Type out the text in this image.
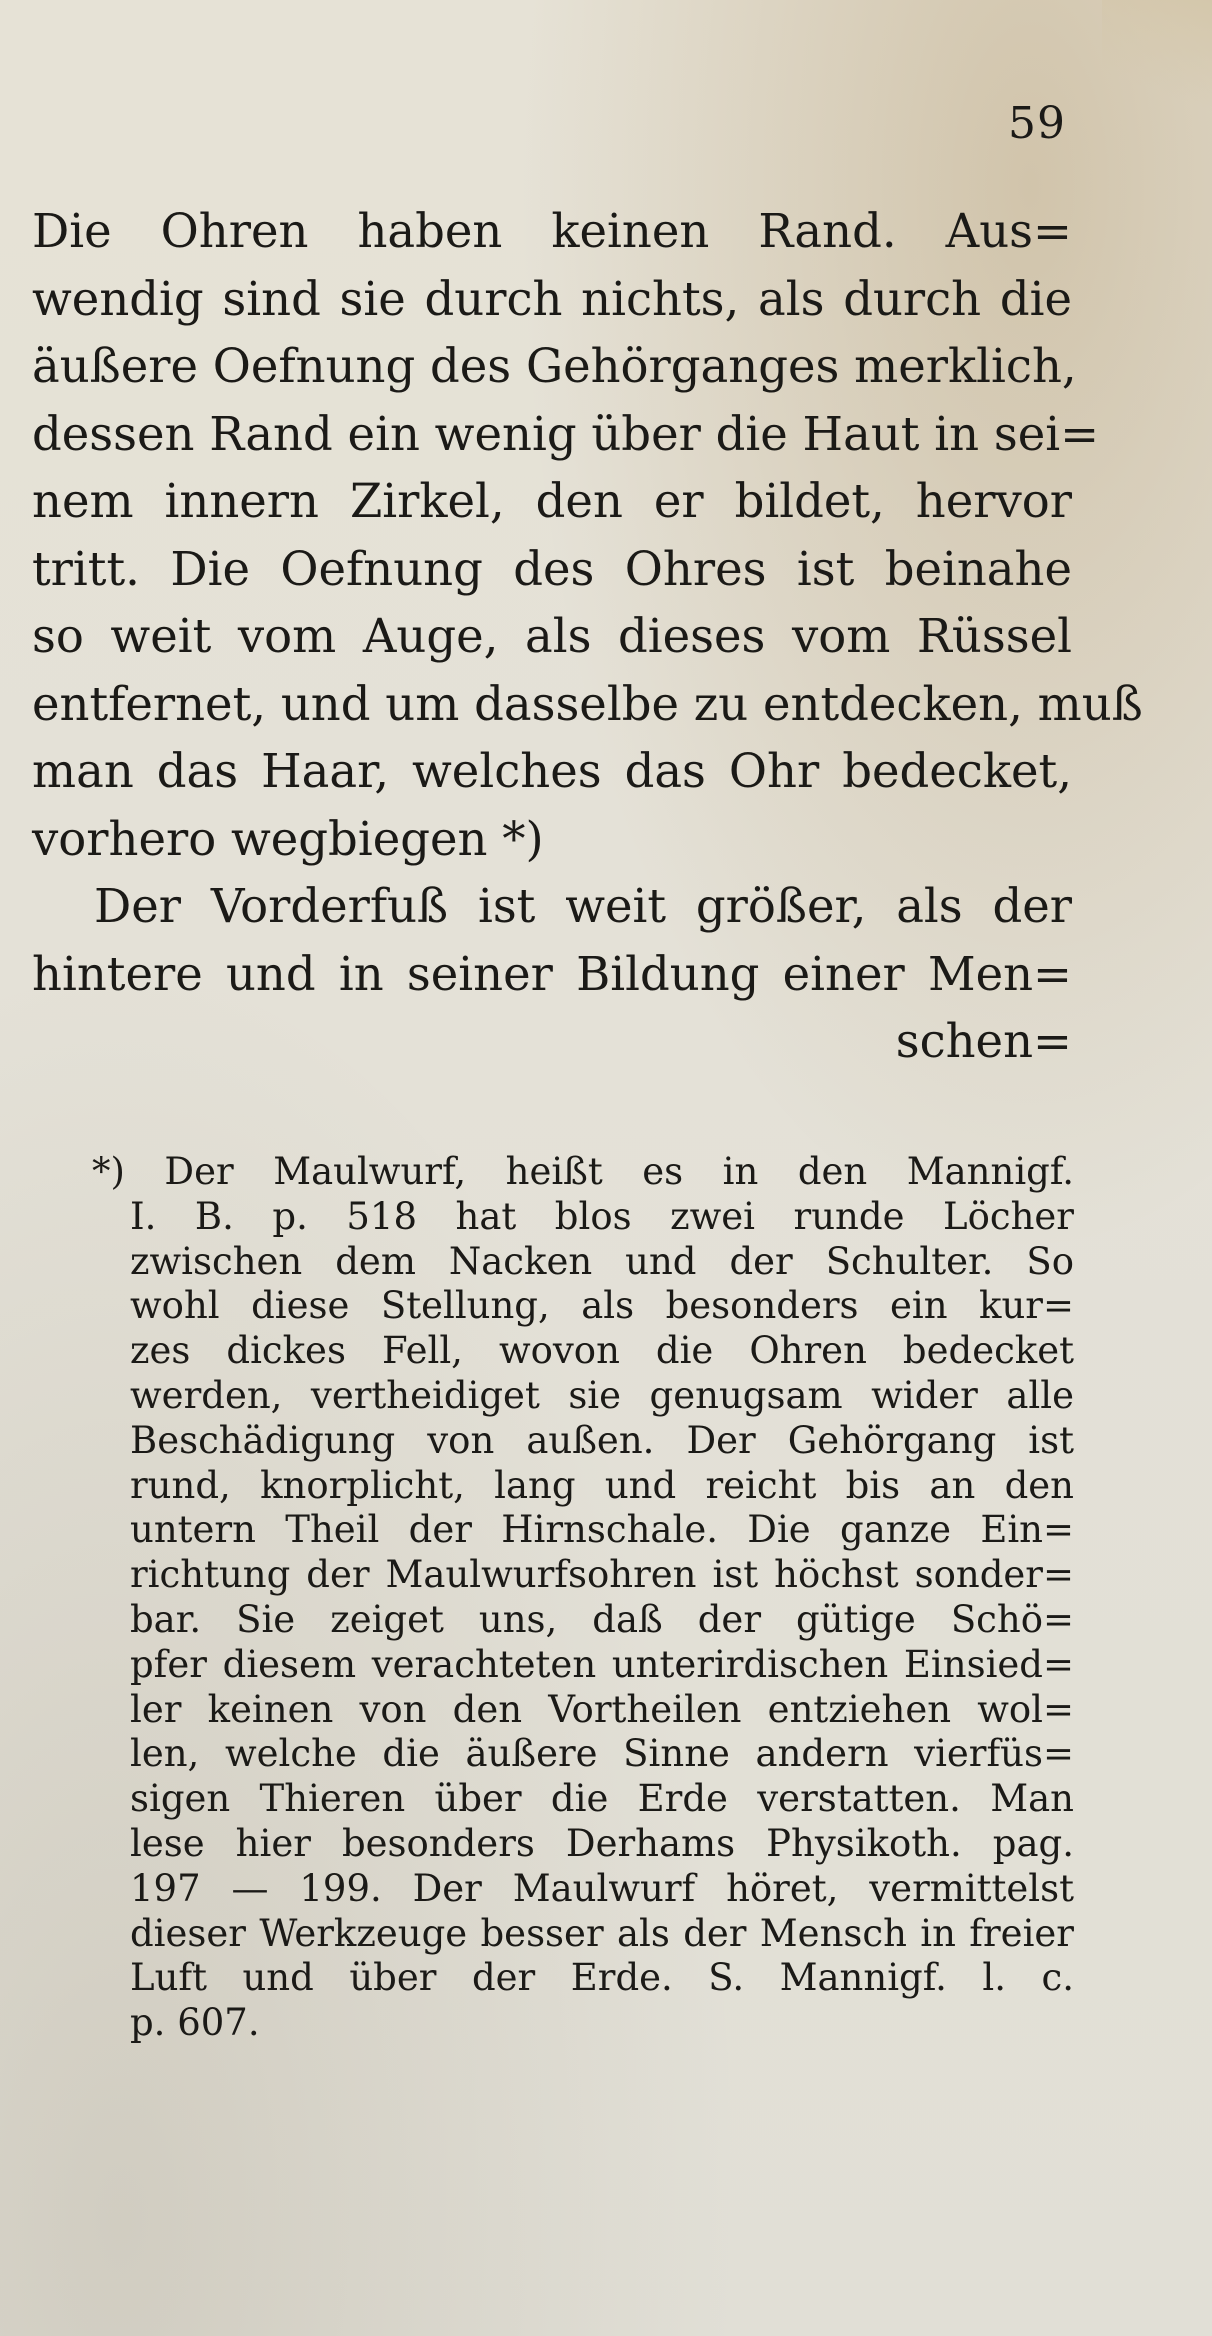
59
Die Ohren haben keinen Rand. Aus=
wendig sind sie durch nichts, als durch die
äußere Oefnung des Gehörganges merklich,
dessen Rand ein wenig über die Haut in sei=
nem innern Zirkel, den er bildet, hervor
tritt. Die Oefnung des Ohres ist beinahe
so weit vom Auge, als dieses vom Rüssel
entfernet, und um dasselbe zu entdecken, muß
man das Haar, welches das Ohr bedecket,
vorhero wegbiegen *)
Der Vorderfuß ist weit größer, als der
hintere und in seiner Bildung einer Men=
schen=
*) Der Maulwurf, heißt es in den Mannigf.
I. B. p. 518 hat blos zwei runde Löcher
zwischen dem Nacken und der Schulter. So
wohl diese Stellung, als besonders ein kur=
zes dickes Fell, wovon die Ohren bedecket
werden, vertheidiget sie genugsam wider alle
Beschädigung von außen. Der Gehörgang ist
rund, knorplicht, lang und reicht bis an den
untern Theil der Hirnschale. Die ganze Ein=
richtung der Maulwurfsohren ist höchst sonder=
bar. Sie zeiget uns, daß der gütige Schö=
pfer diesem verachteten unterirdischen Einsied=
ler keinen von den Vortheilen entziehen wol=
len, welche die äußere Sinne andern vierfüs=
sigen Thieren über die Erde verstatten. Man
lese hier besonders Derhams Physikoth. pag.
197 — 199. Der Maulwurf höret, vermittelst
dieser Werkzeuge besser als der Mensch in freier
Luft und über der Erde. S. Mannigf. l. c.
p. 607.
